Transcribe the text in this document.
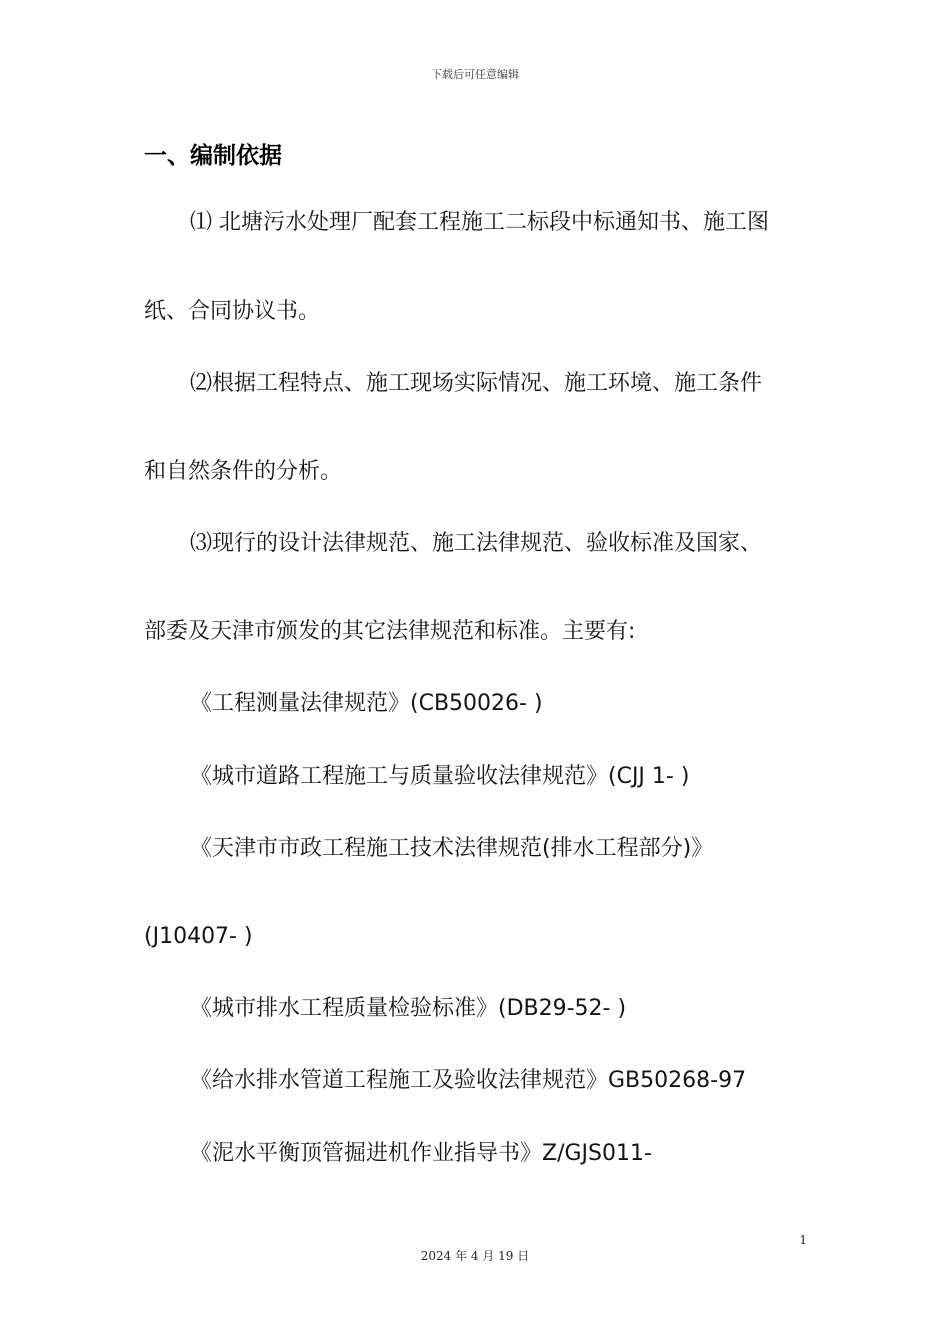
下载后可任意编辑
一、编制依据
⑴ 北塘污水处理厂配套工程施工二标段中标通知书、施工图
纸、合同协议书。
⑵根据工程特点、施工现场实际情况、施工环境、施工条件
和自然条件的分析。
⑶现行的设计法律规范、施工法律规范、验收标准及国家、
部委及天津市颁发的其它法律规范和标准。主要有:
《工程测量法律规范》(CB50026- )
《城市道路工程施工与质量验收法律规范》(CJJ 1- )
《天津市市政工程施工技术法律规范(排水工程部分)》
(J10407- )
《城市排水工程质量检验标准》(DB29-52- )
《给水排水管道工程施工及验收法律规范》GB50268-97
《泥水平衡顶管掘进机作业指导书》Z/GJS011-
1
2024 年 4 月 19 日
